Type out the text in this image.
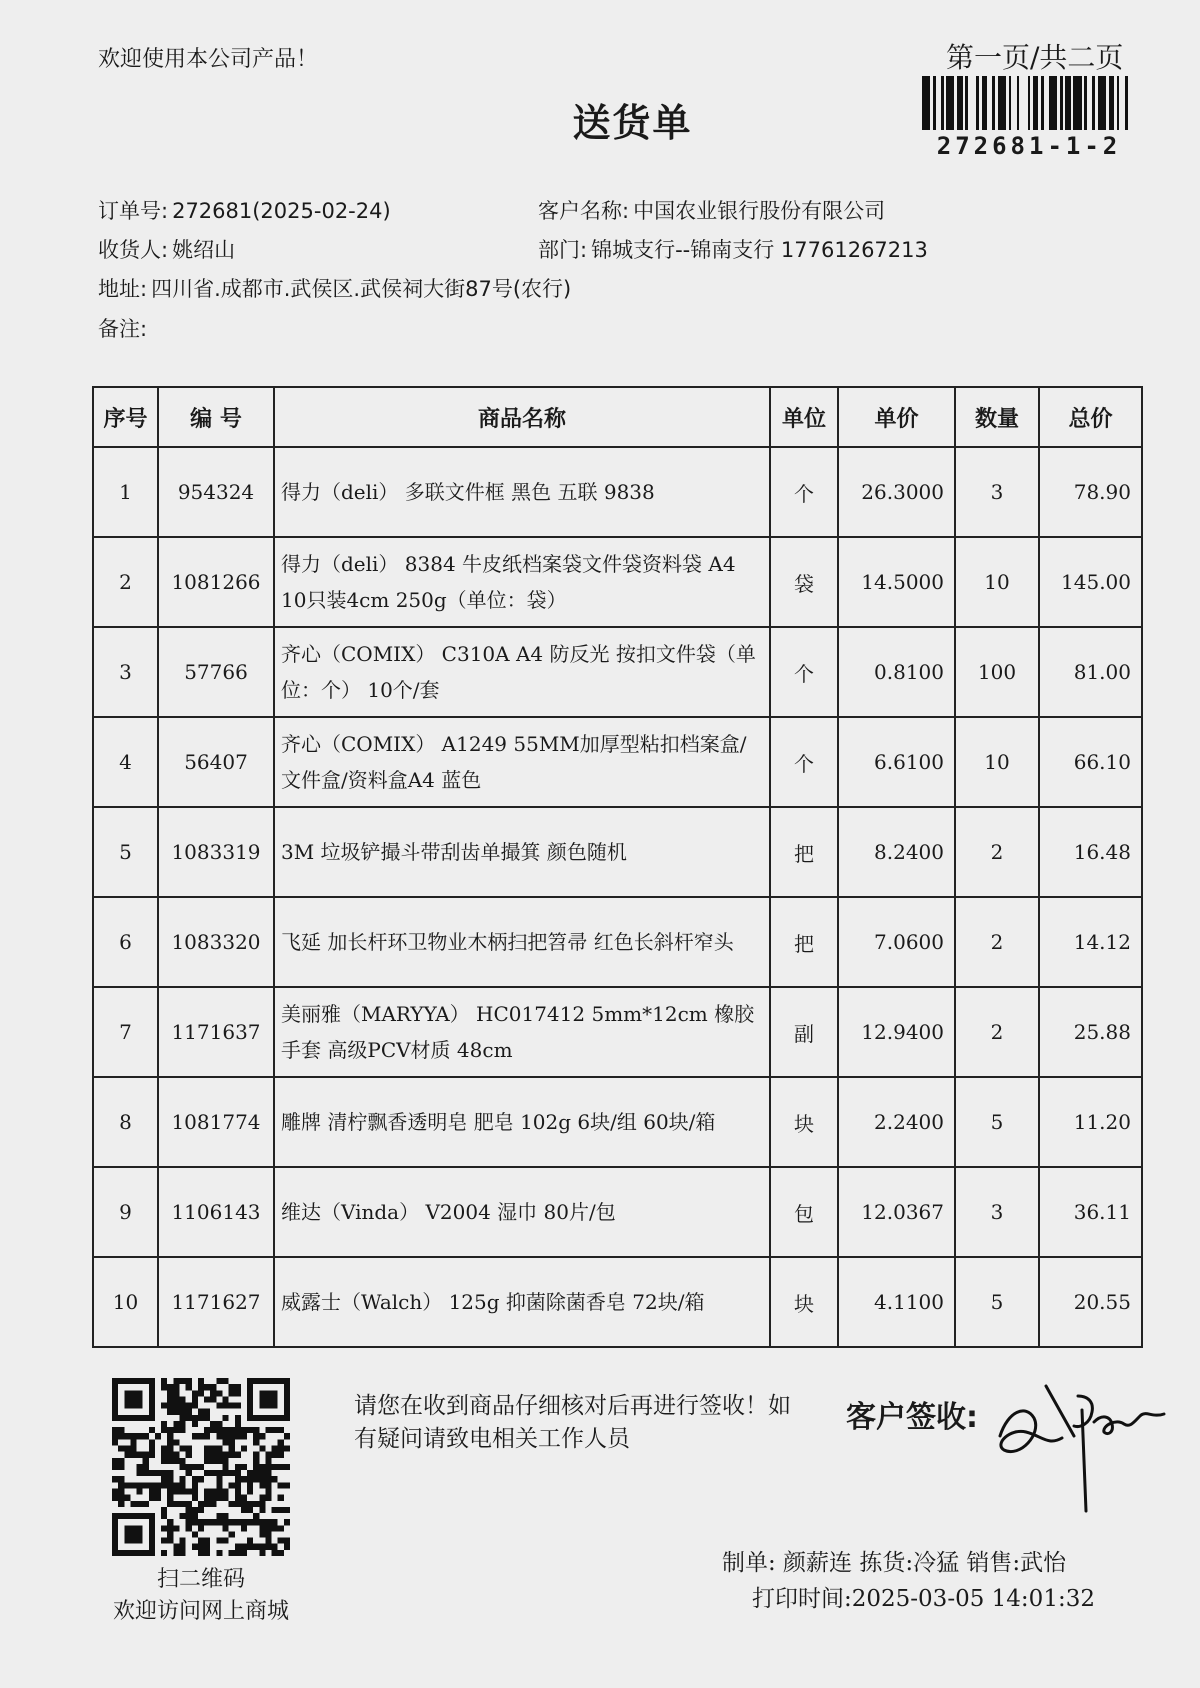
欢迎使用本公司产品！
送货单
第一页/共二页
272681-1-2
订单号: 272681(2025-02-24)	客户名称: 中国农业银行股份有限公司
收货人: 姚绍山	部门: 锦城支行--锦南支行 17761267213
地址: 四川省.成都市.武侯区.武侯祠大街87号(农行)
备注:
序号	编 号	商品名称	单位	单价	数量	总价
1	954324	得力（deli） 多联文件框 黑色 五联 9838	个	26.3000	3	78.90
2	1081266	得力（deli） 8384 牛皮纸档案袋文件袋资料袋 A4 10只装4cm 250g（单位：袋）	袋	14.5000	10	145.00
3	57766	齐心（COMIX） C310A A4 防反光 按扣文件袋（单位：个） 10个/套	个	0.8100	100	81.00
4	56407	齐心（COMIX） A1249 55MM加厚型粘扣档案盒/文件盒/资料盒A4 蓝色	个	6.6100	10	66.10
5	1083319	3M 垃圾铲撮斗带刮齿单撮箕 颜色随机	把	8.2400	2	16.48
6	1083320	飞延 加长杆环卫物业木柄扫把笤帚 红色长斜杆窄头	把	7.0600	2	14.12
7	1171637	美丽雅（MARYYA） HC017412 5mm*12cm 橡胶手套 高级PCV材质 48cm	副	12.9400	2	25.88
8	1081774	雕牌 清柠飘香透明皂 肥皂 102g 6块/组 60块/箱	块	2.2400	5	11.20
9	1106143	维达（Vinda） V2004 湿巾 80片/包	包	12.0367	3	36.11
10	1171627	威露士（Walch） 125g 抑菌除菌香皂 72块/箱	块	4.1100	5	20.55
扫二维码
欢迎访问网上商城
请您在收到商品仔细核对后再进行签收！如有疑问请致电相关工作人员
客户签收:
制单: 颜薪连 拣货:冷猛 销售:武怡
打印时间:2025-03-05 14:01:32
